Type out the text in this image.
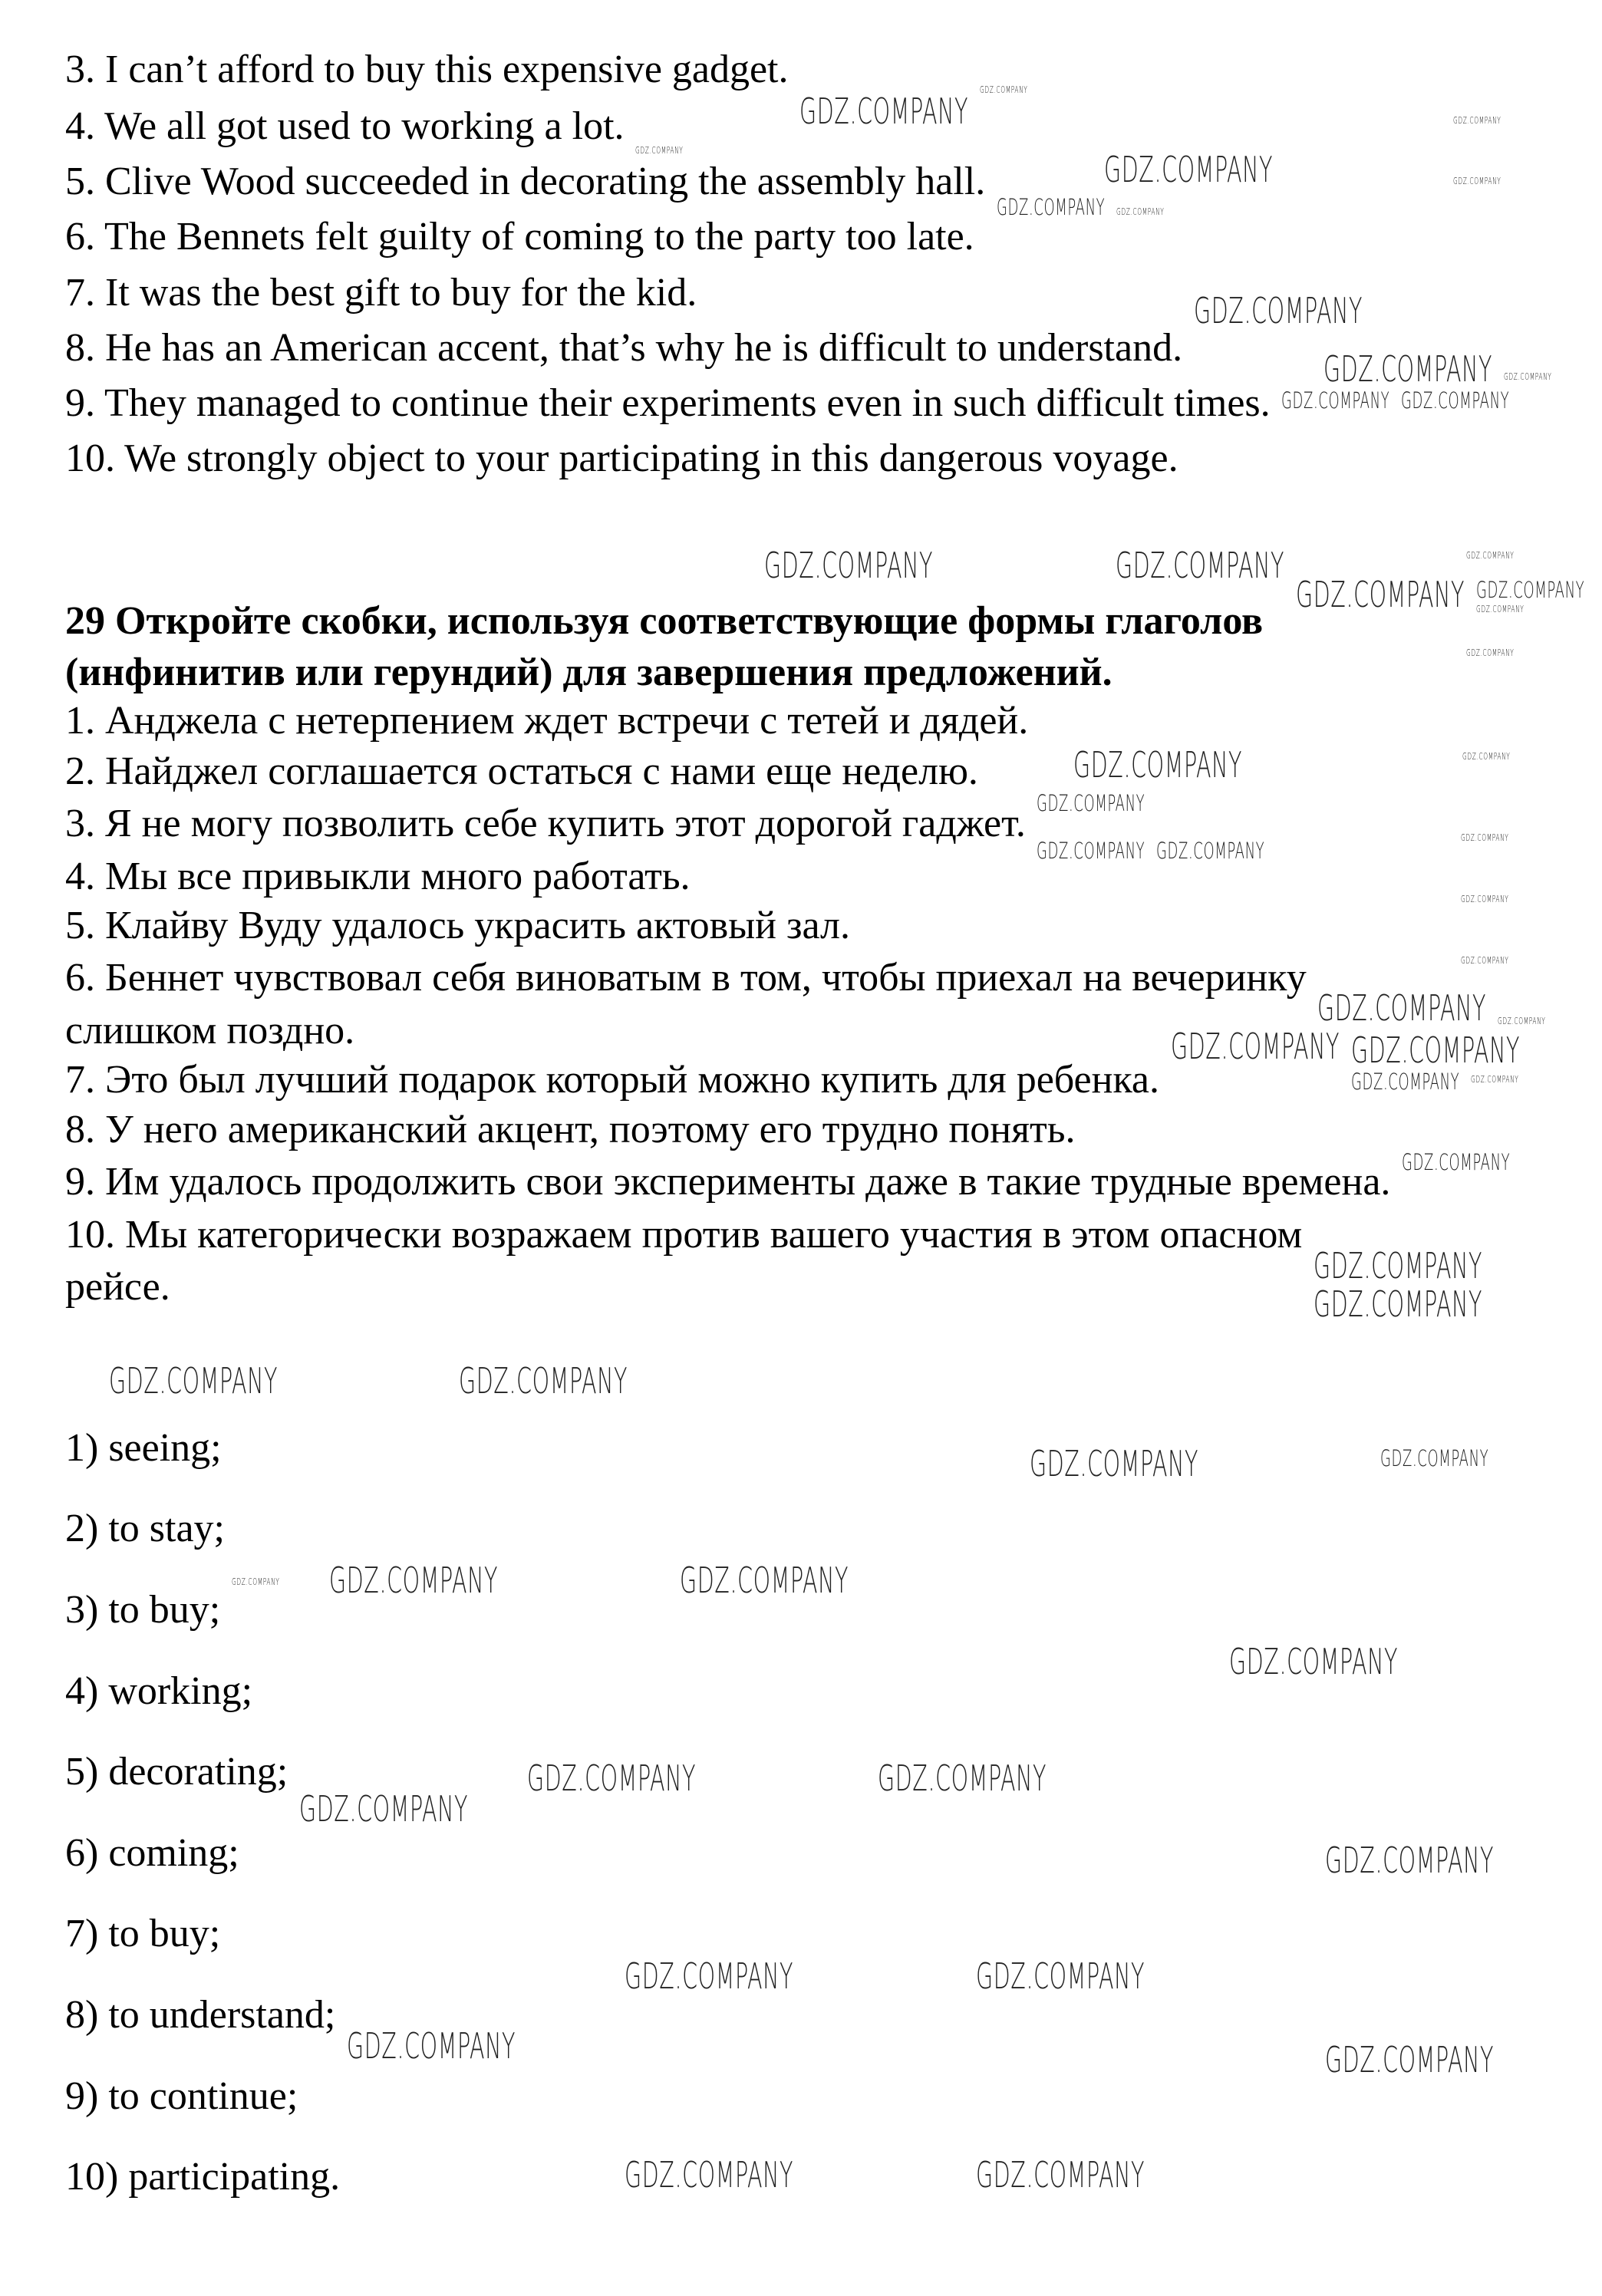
3. I can’t afford to buy this expensive gadget.
4. We all got used to working a lot.
5. Clive Wood succeeded in decorating the assembly hall.
6. The Bennets felt guilty of coming to the party too late.
7. It was the best gift to buy for the kid.
8. He has an American accent, that’s why he is difficult to understand.
9. They managed to continue their experiments even in such difficult times.
10. We strongly object to your participating in this dangerous voyage.
29 Откройте скобки, используя соответствующие формы глаголов
(инфинитив или герундий) для завершения предложений.
1. Анджела с нетерпением ждет встречи с тетей и дядей.
2. Найджел соглашается остаться с нами еще неделю.
3. Я не могу позволить себе купить этот дорогой гаджет.
4. Мы все привыкли много работать.
5. Клайву Вуду удалось украсить актовый зал.
6. Беннет чувствовал себя виноватым в том, чтобы приехал на вечеринку
слишком поздно.
7. Это был лучший подарок который можно купить для ребенка.
8. У него американский акцент, поэтому его трудно понять.
9. Им удалось продолжить свои эксперименты даже в такие трудные времена.
10. Мы категорически возражаем против вашего участия в этом опасном
рейсе.
1) seeing;
2) to stay;
3) to buy;
4) working;
5) decorating;
6) coming;
7) to buy;
8) to understand;
9) to continue;
10) participating.
GDZ.COMPANY
GDZ.COMPANY
GDZ.COMPANY
GDZ.COMPANY
GDZ.COMPANY	GDZ.COMPANY
GDZ.COMPANY
GDZ.COMPANY
GDZ.COMPANY
GDZ.COMPANY GDZ.COMPANY
GDZ.COMPANY
GDZ.COMPANY
GDZ.COMPANY	GDZ.COMPANY
GDZ.COMPANY
GDZ.COMPANY	GDZ.COMPANY
GDZ.COMPANY
GDZ.COMPANY	GDZ.COMPANY
GDZ.COMPANY
GDZ.COMPANY
GDZ.COMPANY	GDZ.COMPANY
GDZ.COMPANY	GDZ.COMPANY
GDZ.COMPANY	GDZ.COMPANY
GDZ.COMPANY
GDZ.COMPANY GDZ.COMPANY
GDZ.COMPANY
GDZ.COMPANY
GDZ.COMPANY GDZ.COMPANY
GDZ.COMPANY
GDZ.COMPANY
GDZ.COMPANY
GDZ.COMPANY
GDZ.COMPANY
GDZ.COMPANY
GDZ.COMPANY
GDZ.COMPANY
GDZ.COMPANY
GDZ.COMPANY
GDZ.COMPANY
GDZ.COMPANY
GDZ.COMPANY
GDZ.COMPANY
GDZ.COMPANY
GDZ.COMPANY
GDZ.COMPANY
GDZ.COMPANY
GDZ.COMPANY
